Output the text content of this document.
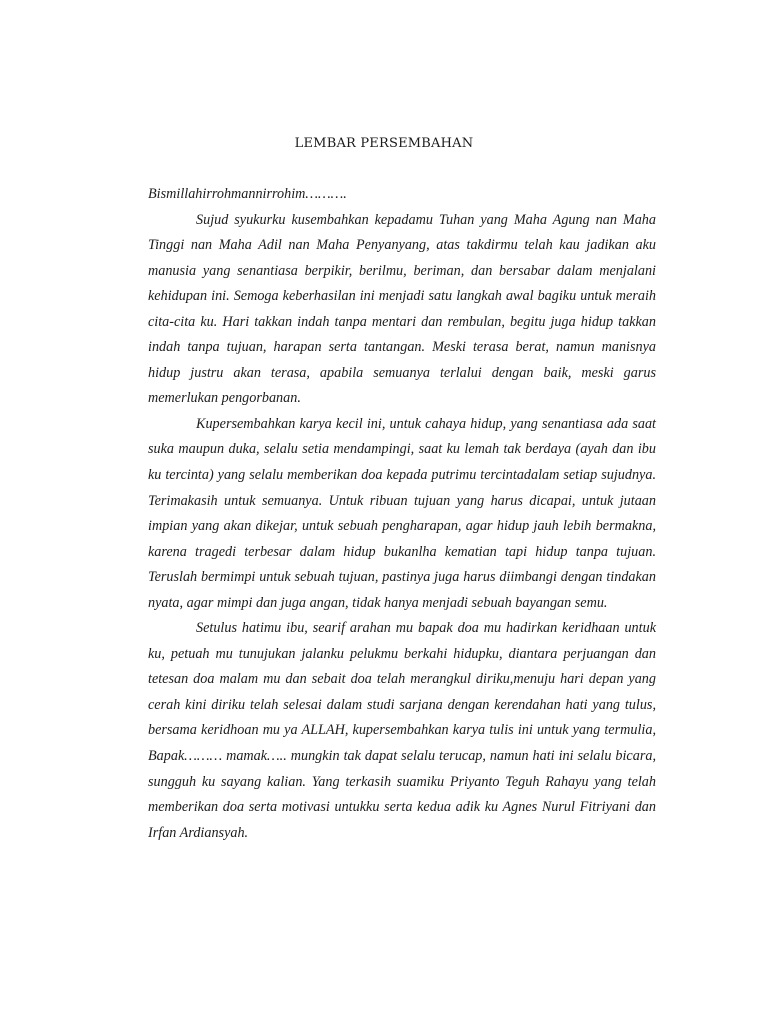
LEMBAR PERSEMBAHAN

Bismillahirrohmannirrohim……….

Sujud syukurku kusembahkan kepadamu Tuhan yang Maha Agung nan Maha Tinggi nan Maha Adil nan Maha Penyanyang, atas takdirmu telah kau jadikan aku manusia yang senantiasa berpikir, berilmu, beriman, dan bersabar dalam menjalani kehidupan ini. Semoga keberhasilan ini menjadi satu langkah awal bagiku untuk meraih cita-cita ku. Hari takkan indah tanpa mentari dan rembulan, begitu juga hidup takkan indah tanpa tujuan, harapan serta tantangan. Meski terasa berat, namun manisnya hidup justru akan terasa, apabila semuanya terlalui dengan baik, meski garus memerlukan pengorbanan.

Kupersembahkan karya kecil ini, untuk cahaya hidup, yang senantiasa ada saat suka maupun duka, selalu setia mendampingi, saat ku lemah tak berdaya (ayah dan ibu ku tercinta) yang selalu memberikan doa kepada putrimu tercintadalam setiap sujudnya. Terimakasih untuk semuanya. Untuk ribuan tujuan yang harus dicapai, untuk jutaan impian yang akan dikejar, untuk sebuah pengharapan, agar hidup jauh lebih bermakna, karena tragedi terbesar dalam hidup bukanlha kematian tapi hidup tanpa tujuan. Teruslah bermimpi untuk sebuah tujuan, pastinya juga harus diimbangi dengan tindakan nyata, agar mimpi dan juga angan, tidak hanya menjadi sebuah bayangan semu.

Setulus hatimu ibu, searif arahan mu bapak doa mu hadirkan keridhaan untuk ku, petuah mu tunujukan jalanku pelukmu berkahi hidupku, diantara perjuangan dan tetesan doa malam mu dan sebait doa telah merangkul diriku,menuju hari depan yang cerah kini diriku telah selesai dalam studi sarjana dengan kerendahan hati yang tulus, bersama keridhoan mu ya ALLAH, kupersembahkan karya tulis ini untuk yang termulia, Bapak……… mamak….. mungkin tak dapat selalu terucap, namun hati ini selalu bicara, sungguh ku sayang kalian. Yang terkasih suamiku Priyanto Teguh Rahayu yang telah memberikan doa serta motivasi untukku serta kedua adik ku Agnes Nurul Fitriyani dan Irfan Ardiansyah.
